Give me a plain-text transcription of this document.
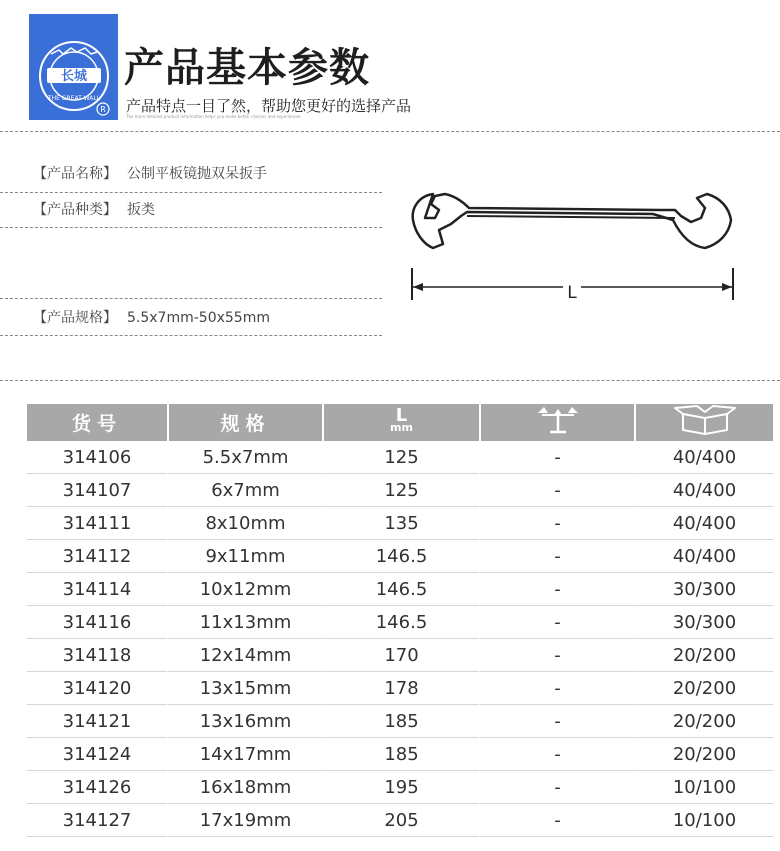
长城
THE GREAT WALL
R
产品基本参数
产品特点一目了然，帮助您更好的选择产品
The more detailed product information helps you make better choices and experiences
【产品名称】 公制平板镜抛双呆扳手
【产品种类】 扳类
【产品规格】 5.5x7mm-50x55mm
L
货号	规格	L
mm

314106	5.5x7mm	125	-	40/400
314107	6x7mm	125	-	40/400
314111	8x10mm	135	-	40/400
314112	9x11mm	146.5	-	40/400
314114	10x12mm	146.5	-	30/300
314116	11x13mm	146.5	-	30/300
314118	12x14mm	170	-	20/200
314120	13x15mm	178	-	20/200
314121	13x16mm	185	-	20/200
314124	14x17mm	185	-	20/200
314126	16x18mm	195	-	10/100
314127	17x19mm	205	-	10/100
